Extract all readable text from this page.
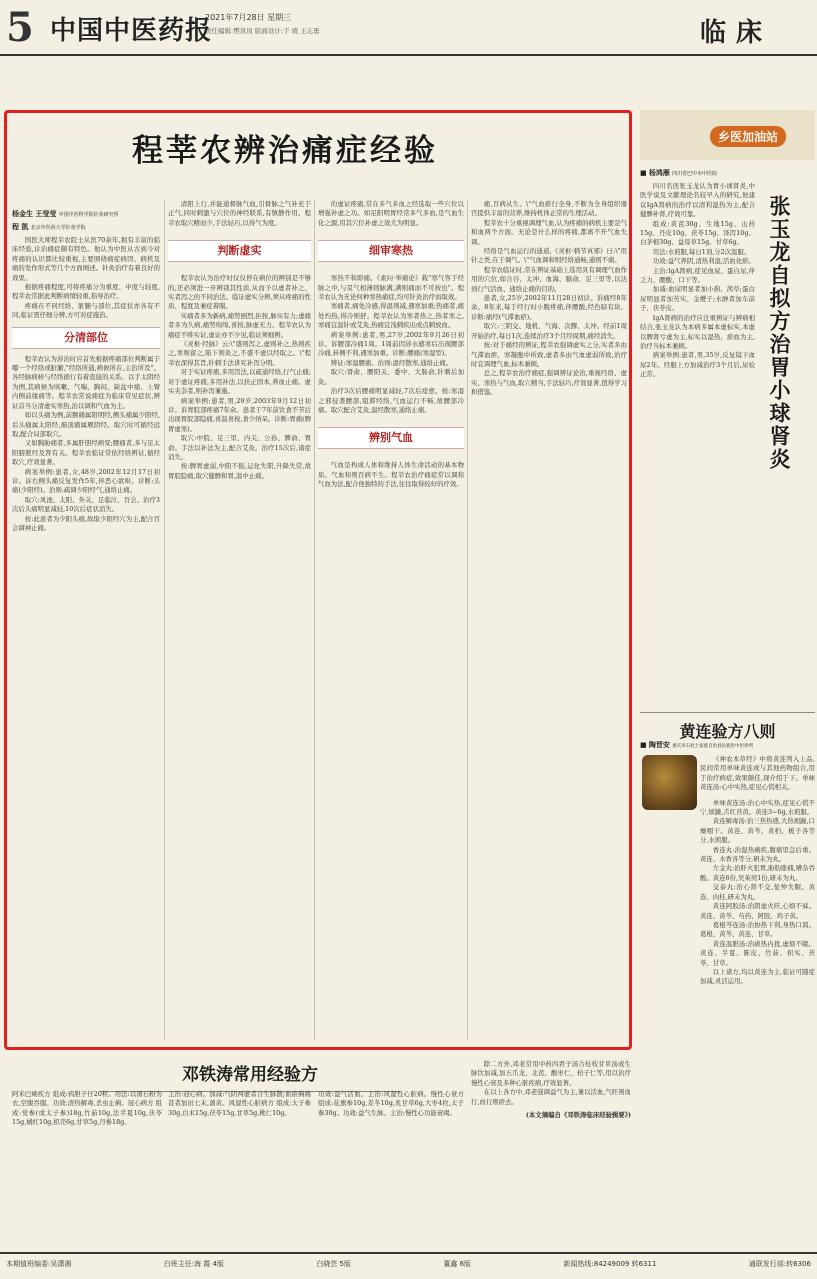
5 中国中医药报
2021年7月28日 星期三
责任编辑:樊岚岚 版面设计:于 靖 王志勇	临床
程莘农辨治痛症经验
杨金生 王莹莹 中国中医科学院针灸研究所
程 凯 北京中医药大学针灸学院

国医大师程莘农院士从医70余年,拥有丰富的临床经验,诊治痛症颇有特色。他认为中医从古到今对疼痛的认识都比较重视,主要围绕痛症病因、病机及痛的发作形式等几个方面阐述。针灸治疗有着良好的效果。

根据疼痛程度,可将疼痛分为重度、中度与轻度,程莘农常据此判断病情轻重,指导治疗。

疼痛在不同经络、脏腑与部位,其症状亦各有不同,临证需仔细分辨,方可对症施治。

分清部位

程莘农认为涉治时应首先根据疼痛部位判断属于哪一个经络或脏腑,"经络所通,病候所在,主治所及"。各经脉病候与经络循行有着直接的关系。以手太阴经为例,其病候为咳嗽、气喘、胸闷、缺盆中痛、上臂内侧前缘痛等。程莘农常说痛症为临床常见症状,辨证首当分清虚实寒热,治以调和气血为主。

如以头痛为例,前额痛属阳明经,侧头痛属少阳经,后头痛属太阳经,巅顶痛属厥阴经。取穴时可循经远取,配合局部取穴。

又如胸胁痛者,多属肝胆经病变;腰痛者,多与足太阳膀胱经及肾有关。程莘农临证常依经络辨证,循经取穴,疗效显著。

病案举例:患者,女,48岁,2002年12月17日初诊。诉右侧头痛反复发作5年,伴恶心欲呕。诊断:头痛(少阳经)。治则:疏调少阳经气,通络止痛。

取穴:风池、太阳、外关、足临泣、百会。治疗3次后头痛明显减轻,10次后症状消失。

按:此患者为少阳头痛,故取少阳经穴为主,配合百会调神止痛。

清阳上行,并能通督脉气血,引督脉之气补充于正气,同时刺激与穴位的神经联系,有镇静作用。程莘农取穴精而少,手法轻巧,以得气为度。

判断虚实

程莘农认为治疗时仅仅停在病位的辨别是不够的,还必须进一步辨别其性质,从而予以虚者补之、实者泻之的不同治法。临证虚实分辨,须从疼痛的性质、程度及兼症着眼。

实痛者多为新病,痛势剧烈,拒按,脉实有力;虚痛者多为久病,痛势绵绵,喜按,脉虚无力。程莘农认为痛症不唯实证,虚证亦不少见,临证须细辨。

《灵枢·经脉》云:\"盛则泻之,虚则补之,热则疾之,寒则留之,陷下则灸之,不盛不虚以经取之。\"程莘农深得其旨,针刺手法讲究补泻分明。

对于实证疼痛,多用泻法,以疏通经络,行气止痛;对于虚证疼痛,多用补法,以扶正固本,养血止痛。虚实夹杂者,则补泻兼施。

病案举例:患者,男,29岁,2003年9月12日初诊。诉胃脘部疼痛7年余。患者于7年前饮食不节后出现胃脘部隐痛,喜温喜按,食少纳呆。诊断:胃痛(脾胃虚寒)。

取穴:中脘、足三里、内关、公孙、脾俞、胃俞。手法以补法为主,配合艾灸。治疗15次后,诸症消失。

按:脾胃虚弱,中阳不振,运化失职,升降失常,故胃脘隐痛,取穴健脾和胃,温中止痛。

的虚证疼痛,常在多气多血之经选取一些穴位以增强补虚之功。如足阳明胃经常多气多血,是气血生化之源,用其穴位补虚之效尤为明显。

细审寒热

寒热不和即痛。《素问·举痛论》载"寒气客于经脉之中,与炅气相薄则脉满,满则痛而不可按也"。程莘农认为无论何种寒热痛症,均可针灸治疗而取效。

寒痛者,痛处冷感,得温则减,遇寒加重;热痛者,痛处灼热,得冷则舒。程莘农认为寒者热之,热者寒之,寒痛宜温针或艾灸,热痛宜浅刺疾出或点刺放血。

病案举例:患者,男,27岁,2002年9月26日初诊。诉腰部冷痛1周。1周前因涉水感寒后出现腰部冷痛,转侧不利,遇寒加重。诊断:腰痛(寒湿型)。

辨证:寒湿腰痛。治则:温经散寒,通络止痛。

取穴:肾俞、腰阳关、委中、大肠俞,针刺后加灸。

治疗3次后腰痛明显减轻,7次后痊愈。按:寒湿之邪侵袭腰部,阻滞经络,气血运行不畅,故腰部冷痛。取穴配合艾灸,温经散寒,通络止痛。

辨别气血

气血是构成人体和维持人体生命活动的基本物质。气血和则百病不生。程莘农治疗痛症常以调和气血为法,配合他独特的手法,往往取得较好的疗效。

痛,百病从生。\"气血瘀行全身,不断为全身组织器官提供丰富的营养,维持机体正常的生理活动。

程莘农十分重视调理气血,认为疼痛的病机主要是气和血两个方面。无论是什么样的疼痛,都离不开气血失调。

经络是气血运行的通道,《灵枢·刺节真邪》曰:\"用针之类,在于调气。\"气血调和则经络通畅,通则不痛。

程莘农临证时,常在辨证基础上选用具有调理气血作用的穴位,如合谷、太冲、血海、膈俞、足三里等,以达到行气活血、通络止痛的目的。

患者,女,25岁,2002年11月28日初诊。诉痛经8年余。8年来,每于经行时小腹疼痛,伴腰酸,经色暗有块。诊断:痛经(气滞血瘀)。

取穴:三阴交、地机、气海、次髎、太冲。经前1周开始治疗,每日1次,连续治疗3个月经周期,痛经消失。

按:对于痛经的辨证,程莘农强调虚实之分,实者多由气滞血瘀、寒凝胞中所致,虚者多由气血虚弱所致,治疗时宜调理气血,标本兼顾。

总之,程莘农治疗痛症,强调辨证论治,重视经络、虚实、寒热与气血,取穴精当,手法轻巧,疗效显著,值得学习和借鉴。

乡医加油站
■ 杨鸿雁 四川省巴中市中医院

四川名医张玉龙认为胃小球肾炎,中医学说及文献理论名较早入的研究,他建议IgA肾病的治疗以清利湿热为主,配合健脾补肾,疗效可靠。

组成:黄芪30g、生地15g、山药15g、丹皮10g、茯苓15g、泽泻10g、白茅根30g、益母草15g、甘草6g。

用法:水煎服,每日1剂,分2次温服。

功效:益气养阴,清热利湿,活血化瘀。

主治:IgA肾病,症见血尿、蛋白尿,伴乏力、腰酸、口干等。

加减:血尿明显者加小蓟、茜草;蛋白尿明显者加芡实、金樱子;水肿者加车前子、茯苓皮。

IgA肾病的治疗应注重辨证与辨病相结合,张玉龙认为本病多属本虚标实,本虚以脾肾亏虚为主,标实以湿热、瘀血为主,治疗当标本兼顾。

病案举例:患者,男,35岁,反复镜下血尿2年。经服上方加减治疗3个月后,尿检正常。	张玉龙自拟方治胃小球肾炎
黄连验方八则
■ 陶晋安 重庆市石柱土家族自治县民族医中医诊所

《神农本草经》中将黄连列入上品,民间常用单味黄连或与其他药物组合,用于治疗病症,效果颇佳,现介绍于下。单味黄连汤:心中实热,症见心慌相关。

单味黄连汤:治心中实热,症见心慌不宁,烦躁,舌红苔黄。黄连3~6g,水煎服。

黄连解毒汤:治三焦热盛,大热烦躁,口燥咽干。黄连、黄芩、黄柏、栀子各等分,水煎服。

香连丸:治湿热痢疾,腹痛里急后重。黄连、木香各等分,研末为丸。

左金丸:治肝火犯胃,胁肋胀痛,嘈杂吞酸。黄连6份,吴茱萸1份,研末为丸。

交泰丸:治心肾不交,怔忡失眠。黄连、肉桂,研末为丸。

黄连阿胶汤:治阴虚火旺,心烦不寐。黄连、黄芩、芍药、阿胶、鸡子黄。

葛根芩连汤:治协热下利,身热口渴。葛根、黄芩、黄连、甘草。

黄连温胆汤:治痰热内扰,虚烦不眠。黄连、半夏、陈皮、竹茹、枳实、茯苓、甘草。

以上诸方,均以黄连为主,临证可随症加减,灵活运用。

邓铁涛常用经验方
阿米巴痢疾方 组成:鸦胆子仔20粒。用法:以滑石粉为衣,空腹吞服。功效:清热解毒,杀虫止痢。冠心病方 组成:党参(或太子参)18g,竹茹10g,法半夏10g,茯苓15g,橘红10g,枳壳6g,甘草5g,丹参18g。
主治:冠心病。加减:气阴两虚者合生脉散;血瘀胸痛甚者加田七末,蒲黄。风湿性心脏病方 组成:太子参30g,白术15g,茯苓15g,甘草5g,桃仁10g。
功效:益气活血。主治:风湿性心脏病。慢性心衰方 组成:花旗参10g,麦冬10g,炙甘草6g,大枣4枚,太子参30g。功效:益气生脉。主治:慢性心功能衰竭。

除二方外,邓老常用中药四君子汤合桂枝甘草汤或生脉饮加减,加五爪龙、北芪、酸枣仁、柏子仁等,用以治疗慢性心衰及多种心脏疾病,疗效显著。

在以上各方中,邓老强调益气为主,兼以活血,气旺则血行,血行则瘀去。

(本文摘编自《邓铁涛临床经验辑要》)
本期值班编委:吴潇湘	白班主任:海 霞 4版	白晓芸 5版	董鑫 6版	新闻热线:84249009 转6311	通联发行部:转6306
